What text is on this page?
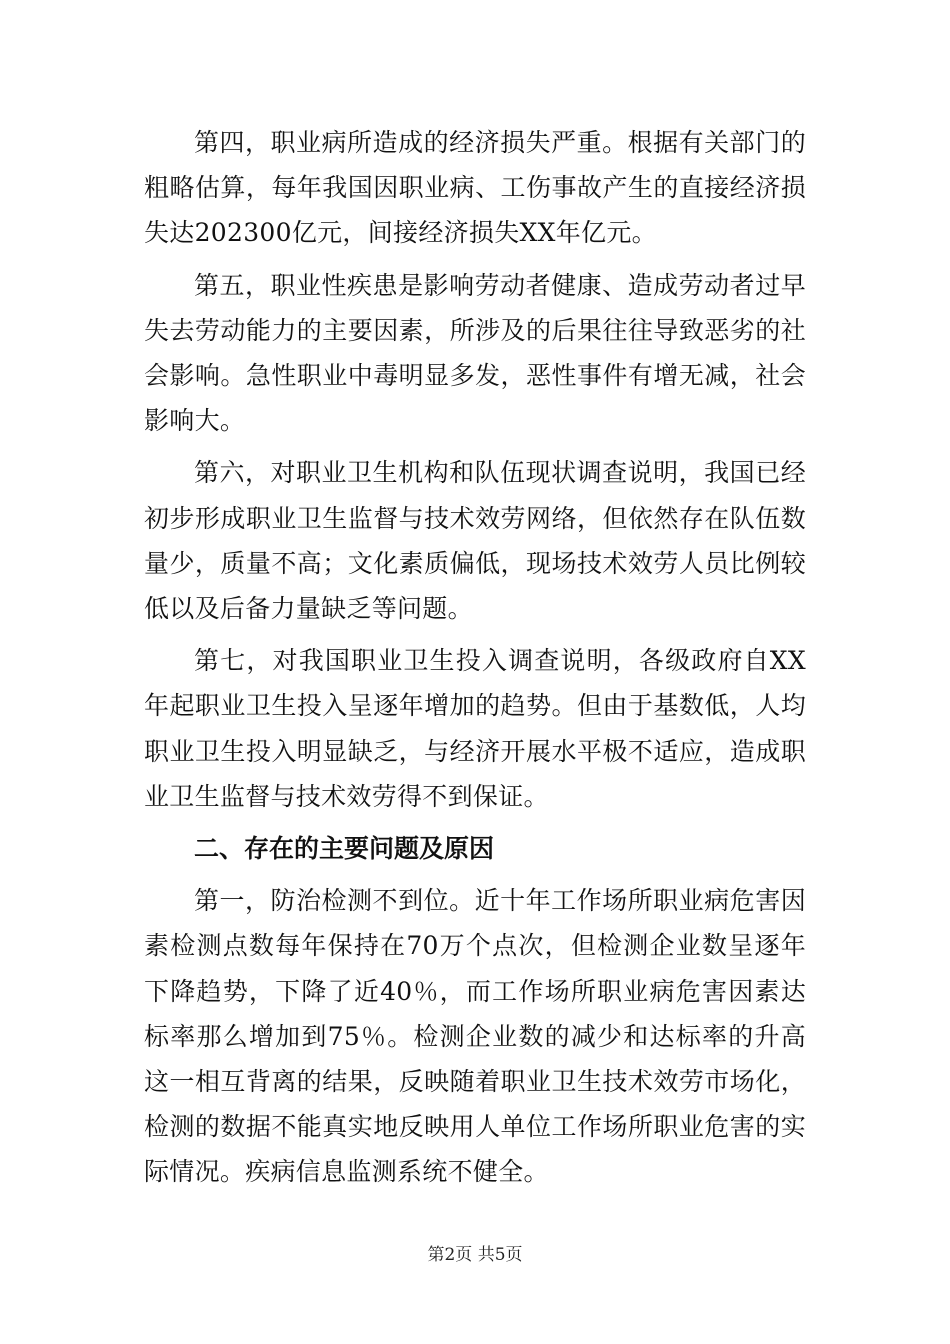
第四，职业病所造成的经济损失严重。根据有关部门的粗略估算，每年我国因职业病、工伤事故产生的直接经济损失达202300亿元，间接经济损失XX年亿元。

第五，职业性疾患是影响劳动者健康、造成劳动者过早失去劳动能力的主要因素，所涉及的后果往往导致恶劣的社会影响。急性职业中毒明显多发，恶性事件有增无减，社会影响大。

第六，对职业卫生机构和队伍现状调查说明，我国已经初步形成职业卫生监督与技术效劳网络，但依然存在队伍数量少，质量不高；文化素质偏低，现场技术效劳人员比例较低以及后备力量缺乏等问题。

第七，对我国职业卫生投入调查说明，各级政府自XX年起职业卫生投入呈逐年增加的趋势。但由于基数低，人均职业卫生投入明显缺乏，与经济开展水平极不适应，造成职业卫生监督与技术效劳得不到保证。

二、存在的主要问题及原因

第一，防治检测不到位。近十年工作场所职业病危害因素检测点数每年保持在70万个点次，但检测企业数呈逐年下降趋势，下降了近40％，而工作场所职业病危害因素达标率那么增加到75％。检测企业数的减少和达标率的升高这一相互背离的结果，反映随着职业卫生技术效劳市场化，检测的数据不能真实地反映用人单位工作场所职业危害的实际情况。疾病信息监测系统不健全。

第2页 共5页
